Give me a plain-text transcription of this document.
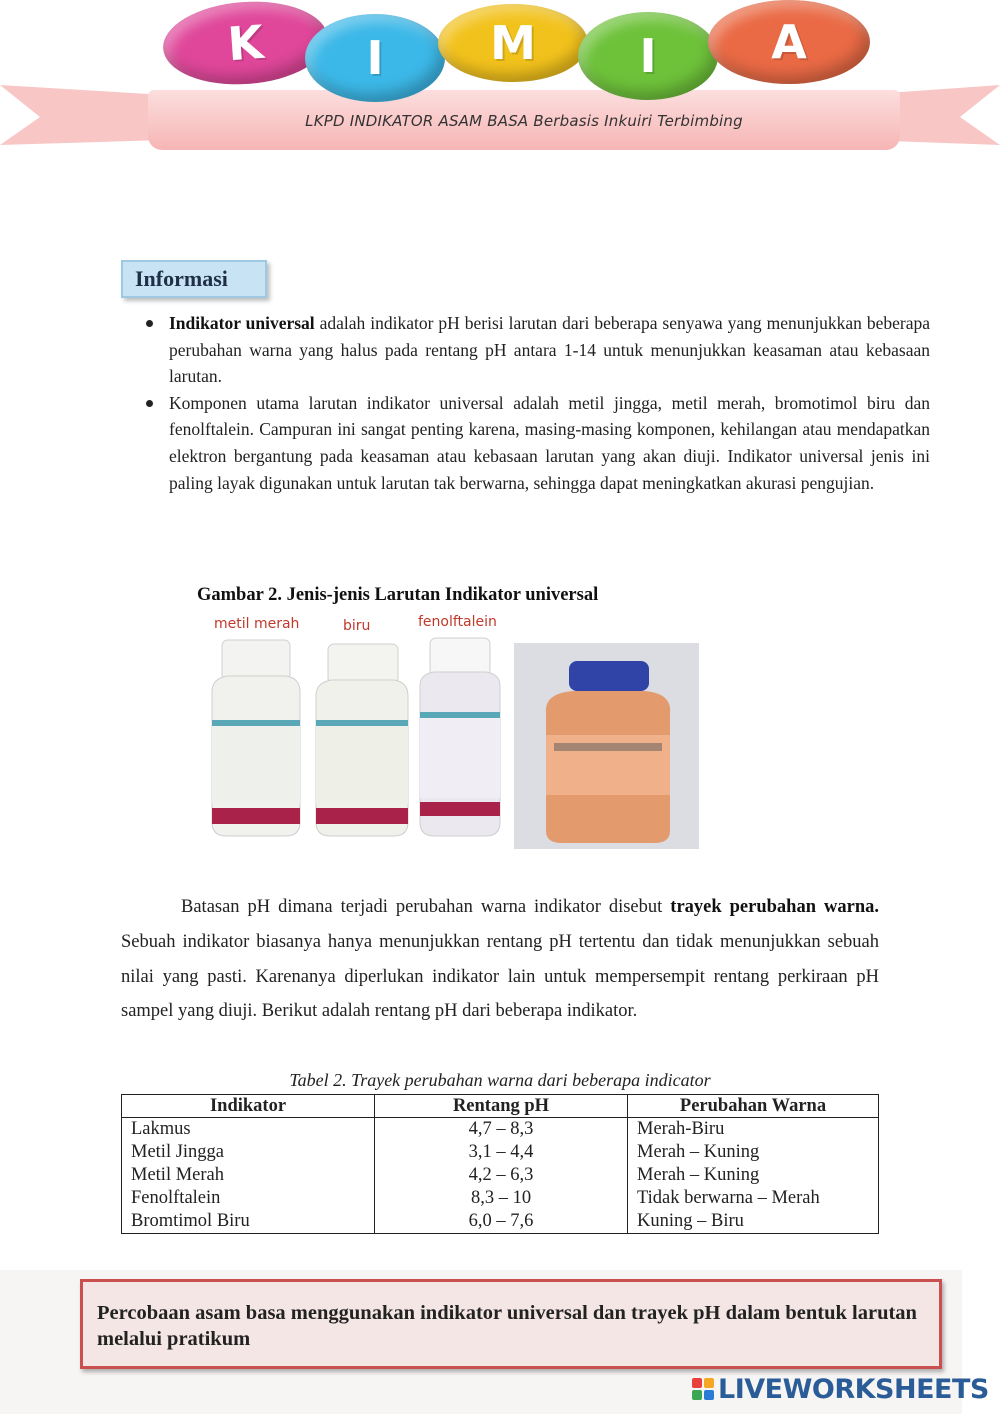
K	I	M	I	A
LKPD INDIKATOR ASAM BASA Berbasis Inkuiri Terbimbing
Informasi
Indikator universal adalah indikator pH berisi larutan dari beberapa senyawa yang menunjukkan beberapa perubahan warna yang halus pada rentang pH antara 1-14 untuk menunjukkan keasaman atau kebasaan larutan.
Komponen utama larutan indikator universal adalah metil jingga, metil merah, bromotimol biru dan fenolftalein. Campuran ini sangat penting karena, masing-masing komponen, kehilangan atau mendapatkan elektron bergantung pada keasaman atau kebasaan larutan yang akan diuji. Indikator universal jenis ini paling layak digunakan untuk larutan tak berwarna, sehingga dapat meningkatkan akurasi pengujian.
Gambar 2. Jenis-jenis Larutan Indikator universal
metil merah	biru	fenolftalein

Batasan pH dimana terjadi perubahan warna indikator disebut trayek perubahan warna. Sebuah indikator biasanya hanya menunjukkan rentang pH tertentu dan tidak menunjukkan sebuah nilai yang pasti. Karenanya diperlukan indikator lain untuk mempersempit rentang perkiraan pH sampel yang diuji. Berikut adalah rentang pH dari beberapa indikator.

Tabel 2. Trayek perubahan warna dari beberapa indicator
Indikator	Rentang pH	Perubahan Warna
Lakmus	4,7 – 8,3	Merah-Biru
Metil Jingga	3,1 – 4,4	Merah – Kuning
Metil Merah	4,2 – 6,3	Merah – Kuning
Fenolftalein	8,3 – 10	Tidak berwarna – Merah
Bromtimol Biru	6,0 – 7,6	Kuning – Biru
Percobaan asam basa menggunakan indikator universal dan trayek pH dalam bentuk larutan melalui pratikum
LIVEWORKSHEETS
